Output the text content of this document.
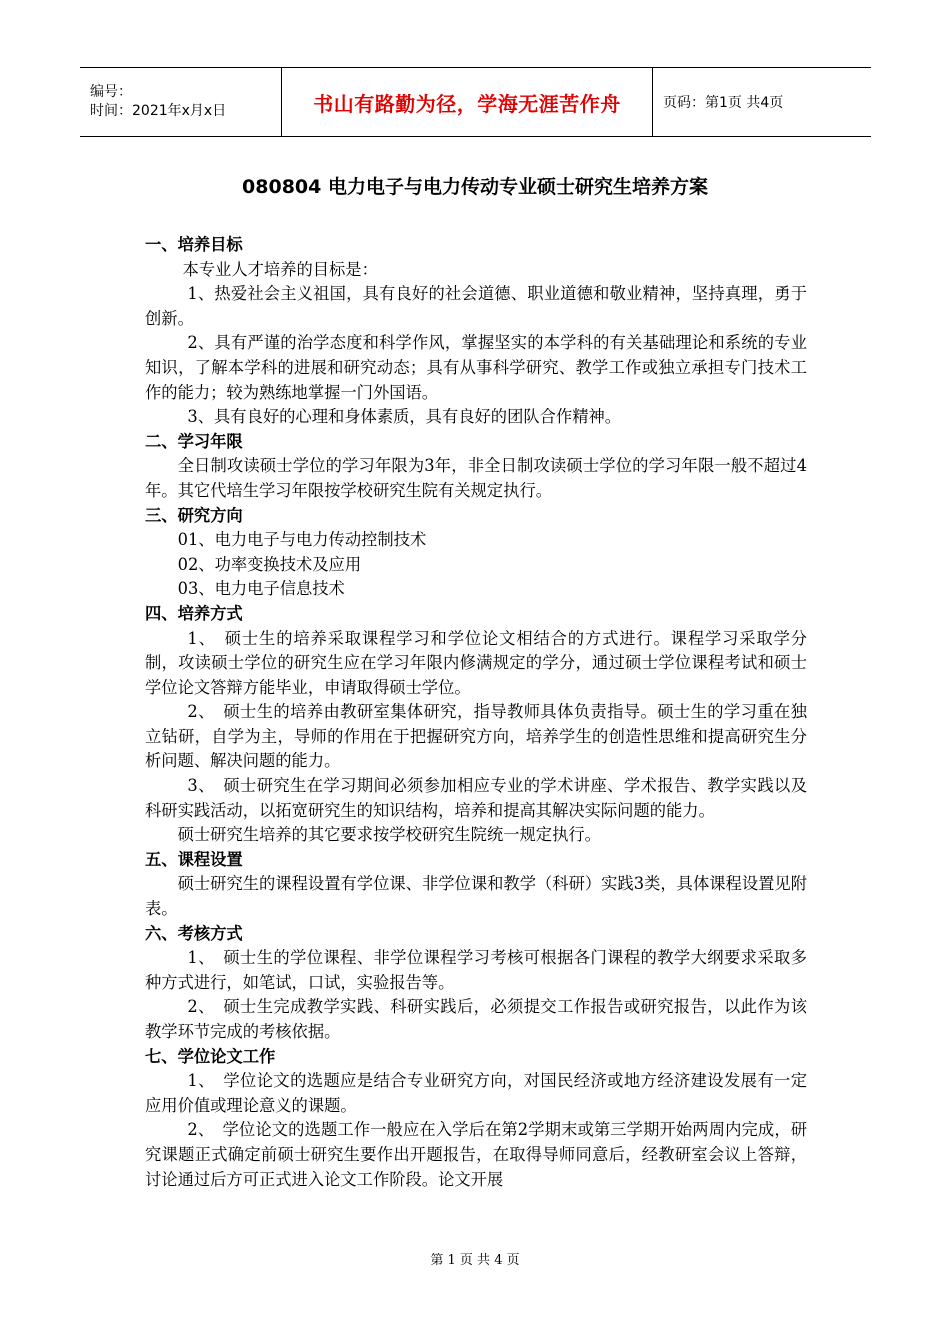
编号：
时间：2021年x月x日	书山有路勤为径，学海无涯苦作舟	页码：第1页 共4页
080804 电力电子与电力传动专业硕士研究生培养方案

一、培养目标

本专业人才培养的目标是：

1、热爱社会主义祖国，具有良好的社会道德、职业道德和敬业精神，坚持真理，勇于创新。

2、具有严谨的治学态度和科学作风，掌握坚实的本学科的有关基础理论和系统的专业知识，了解本学科的进展和研究动态；具有从事科学研究、教学工作或独立承担专门技术工作的能力；较为熟练地掌握一门外国语。

3、具有良好的心理和身体素质，具有良好的团队合作精神。

二、学习年限

全日制攻读硕士学位的学习年限为3年，非全日制攻读硕士学位的学习年限一般不超过4年。其它代培生学习年限按学校研究生院有关规定执行。

三、研究方向

01、电力电子与电力传动控制技术

02、功率变换技术及应用

03、电力电子信息技术

四、培养方式

1、　硕士生的培养采取课程学习和学位论文相结合的方式进行。课程学习采取学分制，攻读硕士学位的研究生应在学习年限内修满规定的学分，通过硕士学位课程考试和硕士学位论文答辩方能毕业，申请取得硕士学位。

2、　硕士生的培养由教研室集体研究，指导教师具体负责指导。硕士生的学习重在独立钻研，自学为主，导师的作用在于把握研究方向，培养学生的创造性思维和提高研究生分析问题、解决问题的能力。

3、　硕士研究生在学习期间必须参加相应专业的学术讲座、学术报告、教学实践以及科研实践活动，以拓宽研究生的知识结构，培养和提高其解决实际问题的能力。

硕士研究生培养的其它要求按学校研究生院统一规定执行。

五、课程设置

硕士研究生的课程设置有学位课、非学位课和教学（科研）实践3类，具体课程设置见附表。

六、考核方式

1、　硕士生的学位课程、非学位课程学习考核可根据各门课程的教学大纲要求采取多种方式进行，如笔试，口试，实验报告等。

2、　硕士生完成教学实践、科研实践后，必须提交工作报告或研究报告，以此作为该教学环节完成的考核依据。

七、学位论文工作

1、　学位论文的选题应是结合专业研究方向，对国民经济或地方经济建设发展有一定应用价值或理论意义的课题。

2、　学位论文的选题工作一般应在入学后在第2学期末或第三学期开始两周内完成，研究课题正式确定前硕士研究生要作出开题报告，在取得导师同意后，经教研室会议上答辩，讨论通过后方可正式进入论文工作阶段。论文开展

第 1 页 共 4 页
